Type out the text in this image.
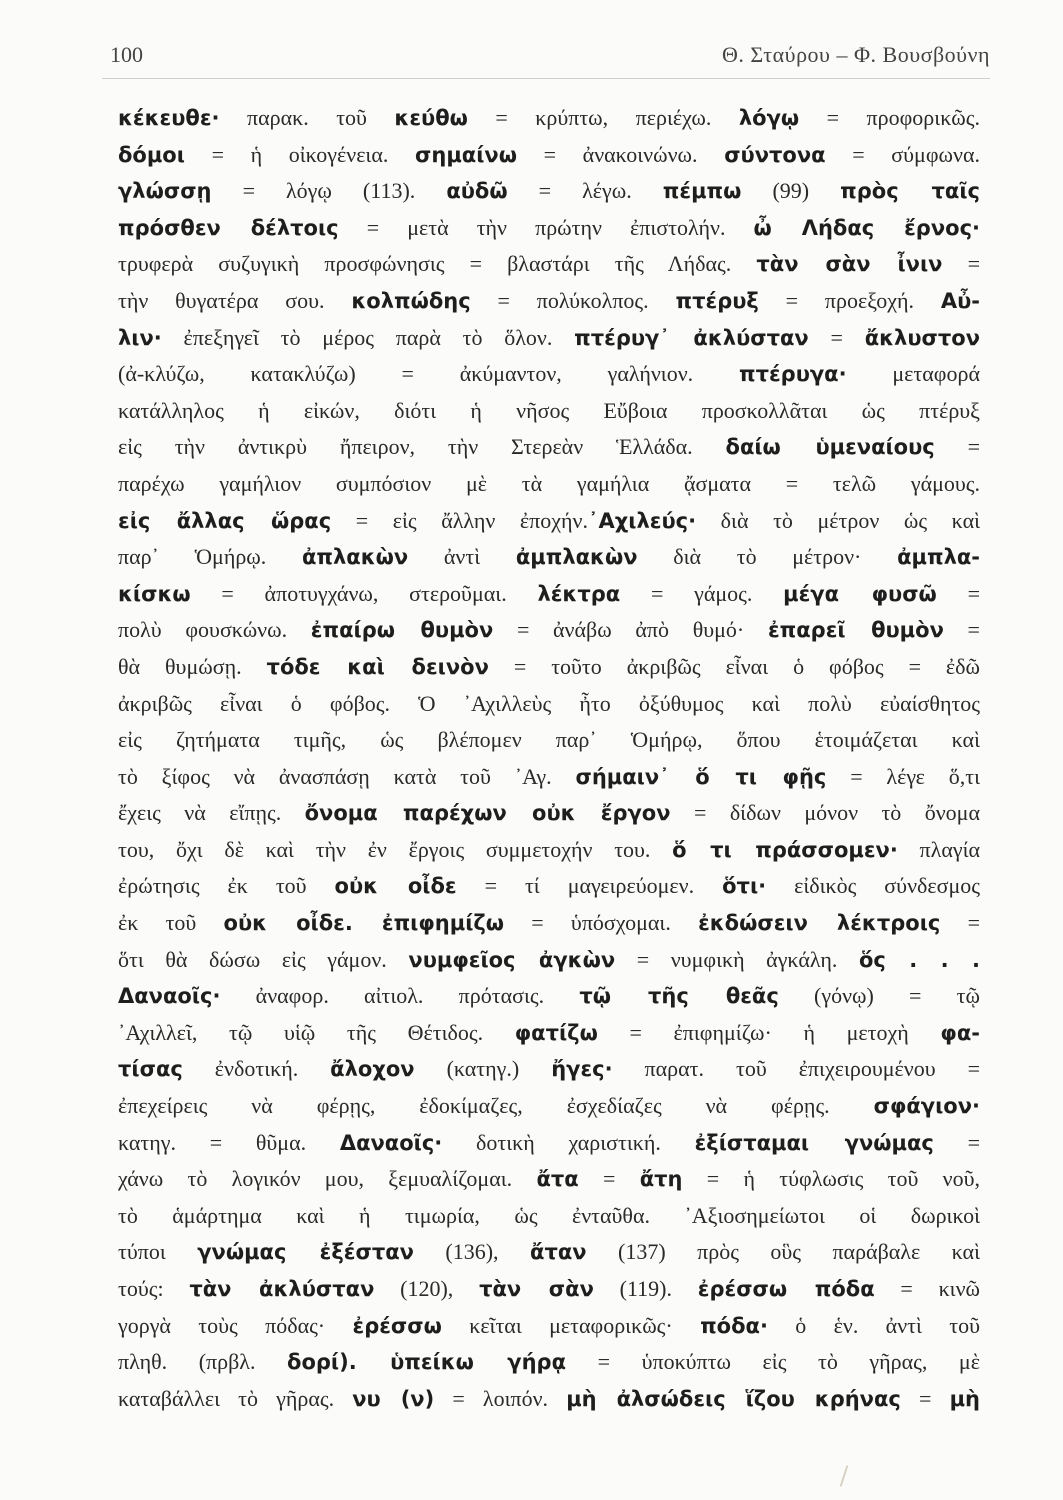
100	Θ. Σταύρου – Φ. Βουσβούνη
κέκευθε· παρακ. τοῦ κεύθω = κρύπτω, περιέχω. λόγῳ = προφορικῶς.
δόμοι = ἡ οἰκογένεια. σημαίνω = ἀνακοινώνω. σύντονα = σύμφωνα.
γλώσσῃ = λόγῳ (113). αὐδῶ = λέγω. πέμπω (99) πρὸς ταῖς
πρόσθεν δέλτοις = μετὰ τὴν πρώτην ἐπιστολήν. ὦ Λήδας ἔρνος·
τρυφερὰ συζυγικὴ προσφώνησις = βλαστάρι τῆς Λήδας. τὰν σὰν ἶνιν =
τὴν θυγατέρα σου. κολπώδης = πολύκολπος. πτέρυξ = προεξοχή. Αὖ-
λιν· ἐπεξηγεῖ τὸ μέρος παρὰ τὸ ὅλον. πτέρυγ᾽ ἀκλύσταν = ἄκλυστον
(ἀ-κλύζω, κατακλύζω) = ἀκύμαντον, γαλήνιον. πτέρυγα· μεταφορά
κατάλληλος ἡ εἰκών, διότι ἡ νῆσος Εὔβοια προσκολλᾶται ὡς πτέρυξ
εἰς τὴν ἀντικρὺ ἤπειρον, τὴν Στερεὰν Ἑλλάδα. δαίω ὑμεναίους =
παρέχω γαμήλιον συμπόσιον μὲ τὰ γαμήλια ᾄσματα = τελῶ γάμους.
εἰς ἄλλας ὥρας = εἰς ἄλλην ἐποχήν.᾽Αχιλεύς· διὰ τὸ μέτρον ὡς καὶ
παρ᾽ Ὁμήρῳ. ἀπλακὼν ἀντὶ ἀμπλακὼν διὰ τὸ μέτρον· ἀμπλα-
κίσκω = ἀποτυγχάνω, στεροῦμαι. λέκτρα = γάμος. μέγα φυσῶ =
πολὺ φουσκώνω. ἐπαίρω θυμὸν = ἀνάβω ἀπὸ θυμό· ἐπαρεῖ θυμὸν =
θὰ θυμώσῃ. τόδε καὶ δεινὸν = τοῦτο ἀκριβῶς εἶναι ὁ φόβος = ἐδῶ
ἀκριβῶς εἶναι ὁ φόβος. Ὁ ᾽Αχιλλεὺς ἦτο ὀξύθυμος καὶ πολὺ εὐαίσθητος
εἰς ζητήματα τιμῆς, ὡς βλέπομεν παρ᾽ Ὁμήρῳ, ὅπου ἑτοιμάζεται καὶ
τὸ ξίφος νὰ ἀνασπάσῃ κατὰ τοῦ ᾽Αγ. σήμαιν᾽ ὅ τι φῇς = λέγε ὅ,τι
ἔχεις νὰ εἴπῃς. ὄνομα παρέχων οὐκ ἔργον = δίδων μόνον τὸ ὄνομα
του, ὄχι δὲ καὶ τὴν ἐν ἔργοις συμμετοχήν του. ὅ τι πράσσομεν· πλαγία
ἐρώτησις ἐκ τοῦ οὐκ οἶδε = τί μαγειρεύομεν. ὅτι· εἰδικὸς σύνδεσμος
ἐκ τοῦ οὐκ οἶδε. ἐπιφημίζω = ὑπόσχομαι. ἐκδώσειν λέκτροις =
ὅτι θὰ δώσω εἰς γάμον. νυμφεῖος ἀγκὼν = νυμφικὴ ἀγκάλη. ὅς . . .
Δαναοῖς· ἀναφορ. αἰτιολ. πρότασις. τῷ τῆς θεᾶς (γόνῳ) = τῷ
᾽Αχιλλεῖ, τῷ υἱῷ τῆς Θέτιδος. φατίζω = ἐπιφημίζω· ἡ μετοχὴ φα-
τίσας ἐνδοτική. ἄλοχον (κατηγ.) ἤγες· παρατ. τοῦ ἐπιχειρουμένου =
ἐπεχείρεις νὰ φέρῃς, ἐδοκίμαζες, ἐσχεδίαζες νὰ φέρῃς. σφάγιον·
κατηγ. = θῦμα. Δαναοῖς· δοτικὴ χαριστική. ἐξίσταμαι γνώμας =
χάνω τὸ λογικόν μου, ξεμυαλίζομαι. ἄτα = ἄτη = ἡ τύφλωσις τοῦ νοῦ,
τὸ ἁμάρτημα καὶ ἡ τιμωρία, ὡς ἐνταῦθα. ᾽Αξιοσημείωτοι οἱ δωρικοὶ
τύποι γνώμας ἐξέσταν (136), ἄταν (137) πρὸς οὓς παράβαλε καὶ
τούς: τὰν ἀκλύσταν (120), τὰν σὰν (119). ἐρέσσω πόδα = κινῶ
γοργὰ τοὺς πόδας· ἐρέσσω κεῖται μεταφορικῶς· πόδα· ὁ ἑν. ἀντὶ τοῦ
πληθ. (πρβλ. δορί). ὑπείκω γήρᾳ = ὑποκύπτω εἰς τὸ γῆρας, μὲ
καταβάλλει τὸ γῆρας. νυ (ν) = λοιπόν. μὴ ἀλσώδεις ἵζου κρήνας = μὴ
